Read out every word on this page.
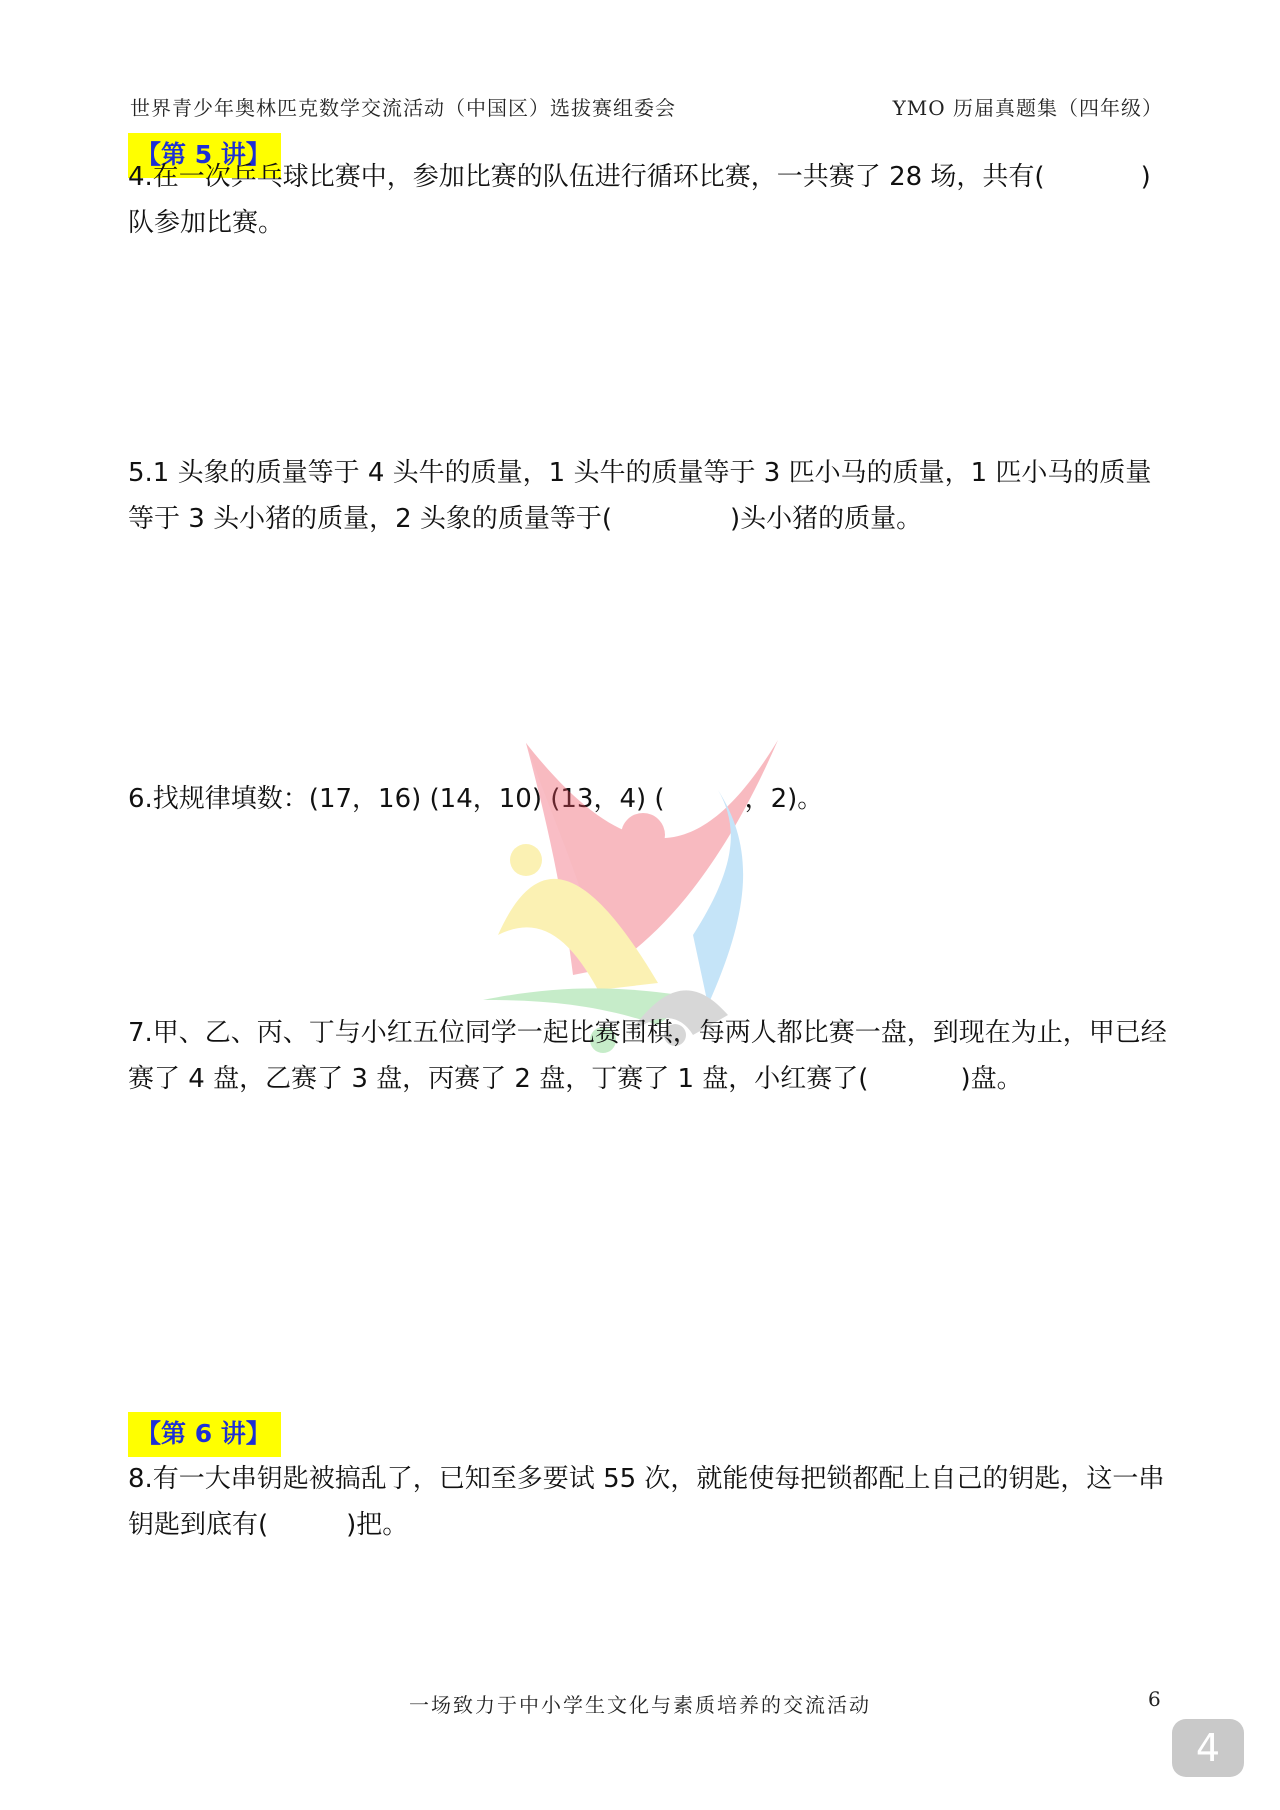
世界青少年奥林匹克数学交流活动（中国区）选拔赛组委会	YMO 历届真题集（四年级）
【第 5 讲】
4.在一次乒乓球比赛中，参加比赛的队伍进行循环比赛，一共赛了 28 场，共有(	)队参加比赛。
5.1 头象的质量等于 4 头牛的质量，1 头牛的质量等于 3 匹小马的质量，1 匹小马的质量等于 3 头小猪的质量，2 头象的质量等于(	)头小猪的质量。
6.找规律填数：(17，16) (14，10) (13，4) (	，2)。
7.甲、乙、丙、丁与小红五位同学一起比赛围棋，每两人都比赛一盘，到现在为止，甲已经赛了 4 盘，乙赛了 3 盘，丙赛了 2 盘，丁赛了 1 盘，小红赛了(	)盘。
【第 6 讲】
8.有一大串钥匙被搞乱了，已知至多要试 55 次，就能使每把锁都配上自己的钥匙，这一串钥匙到底有(	)把。
一场致力于中小学生文化与素质培养的交流活动	6
4
